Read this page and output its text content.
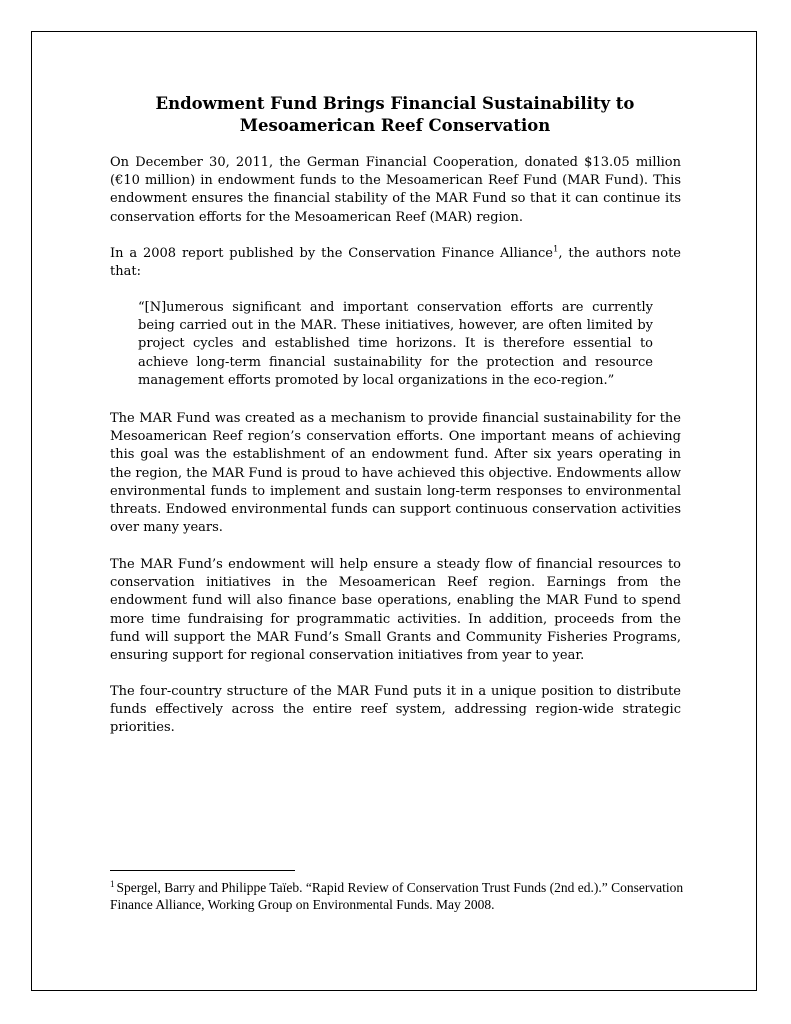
Endowment Fund Brings Financial Sustainability to Mesoamerican Reef Conservation

On December 30, 2011, the German Financial Cooperation, donated $13.05 million (€10 million) in endowment funds to the Mesoamerican Reef Fund (MAR Fund). This endowment ensures the financial stability of the MAR Fund so that it can continue its conservation efforts for the Mesoamerican Reef (MAR) region.

In a 2008 report published by the Conservation Finance Alliance$^1$, the authors note that:

“[N]umerous significant and important conservation efforts are currently being carried out in the MAR. These initiatives, however, are often limited by project cycles and established time horizons. It is therefore essential to achieve long-term financial sustainability for the protection and resource management efforts promoted by local organizations in the eco-region.”

The MAR Fund was created as a mechanism to provide financial sustainability for the Mesoamerican Reef region’s conservation efforts. One important means of achieving this goal was the establishment of an endowment fund. After six years operating in the region, the MAR Fund is proud to have achieved this objective. Endowments allow environmental funds to implement and sustain long-term responses to environmental threats. Endowed environmental funds can support continuous conservation activities over many years.

The MAR Fund’s endowment will help ensure a steady flow of financial resources to conservation initiatives in the Mesoamerican Reef region. Earnings from the endowment fund will also finance base operations, enabling the MAR Fund to spend more time fundraising for programmatic activities. In addition, proceeds from the fund will support the MAR Fund’s Small Grants and Community Fisheries Programs, ensuring support for regional conservation initiatives from year to year.

The four-country structure of the MAR Fund puts it in a unique position to distribute funds effectively across the entire reef system, addressing region-wide strategic priorities.

$^1$ Spergel, Barry and Philippe Taïeb. “Rapid Review of Conservation Trust Funds (2nd ed.).” Conservation Finance Alliance, Working Group on Environmental Funds. May 2008.
